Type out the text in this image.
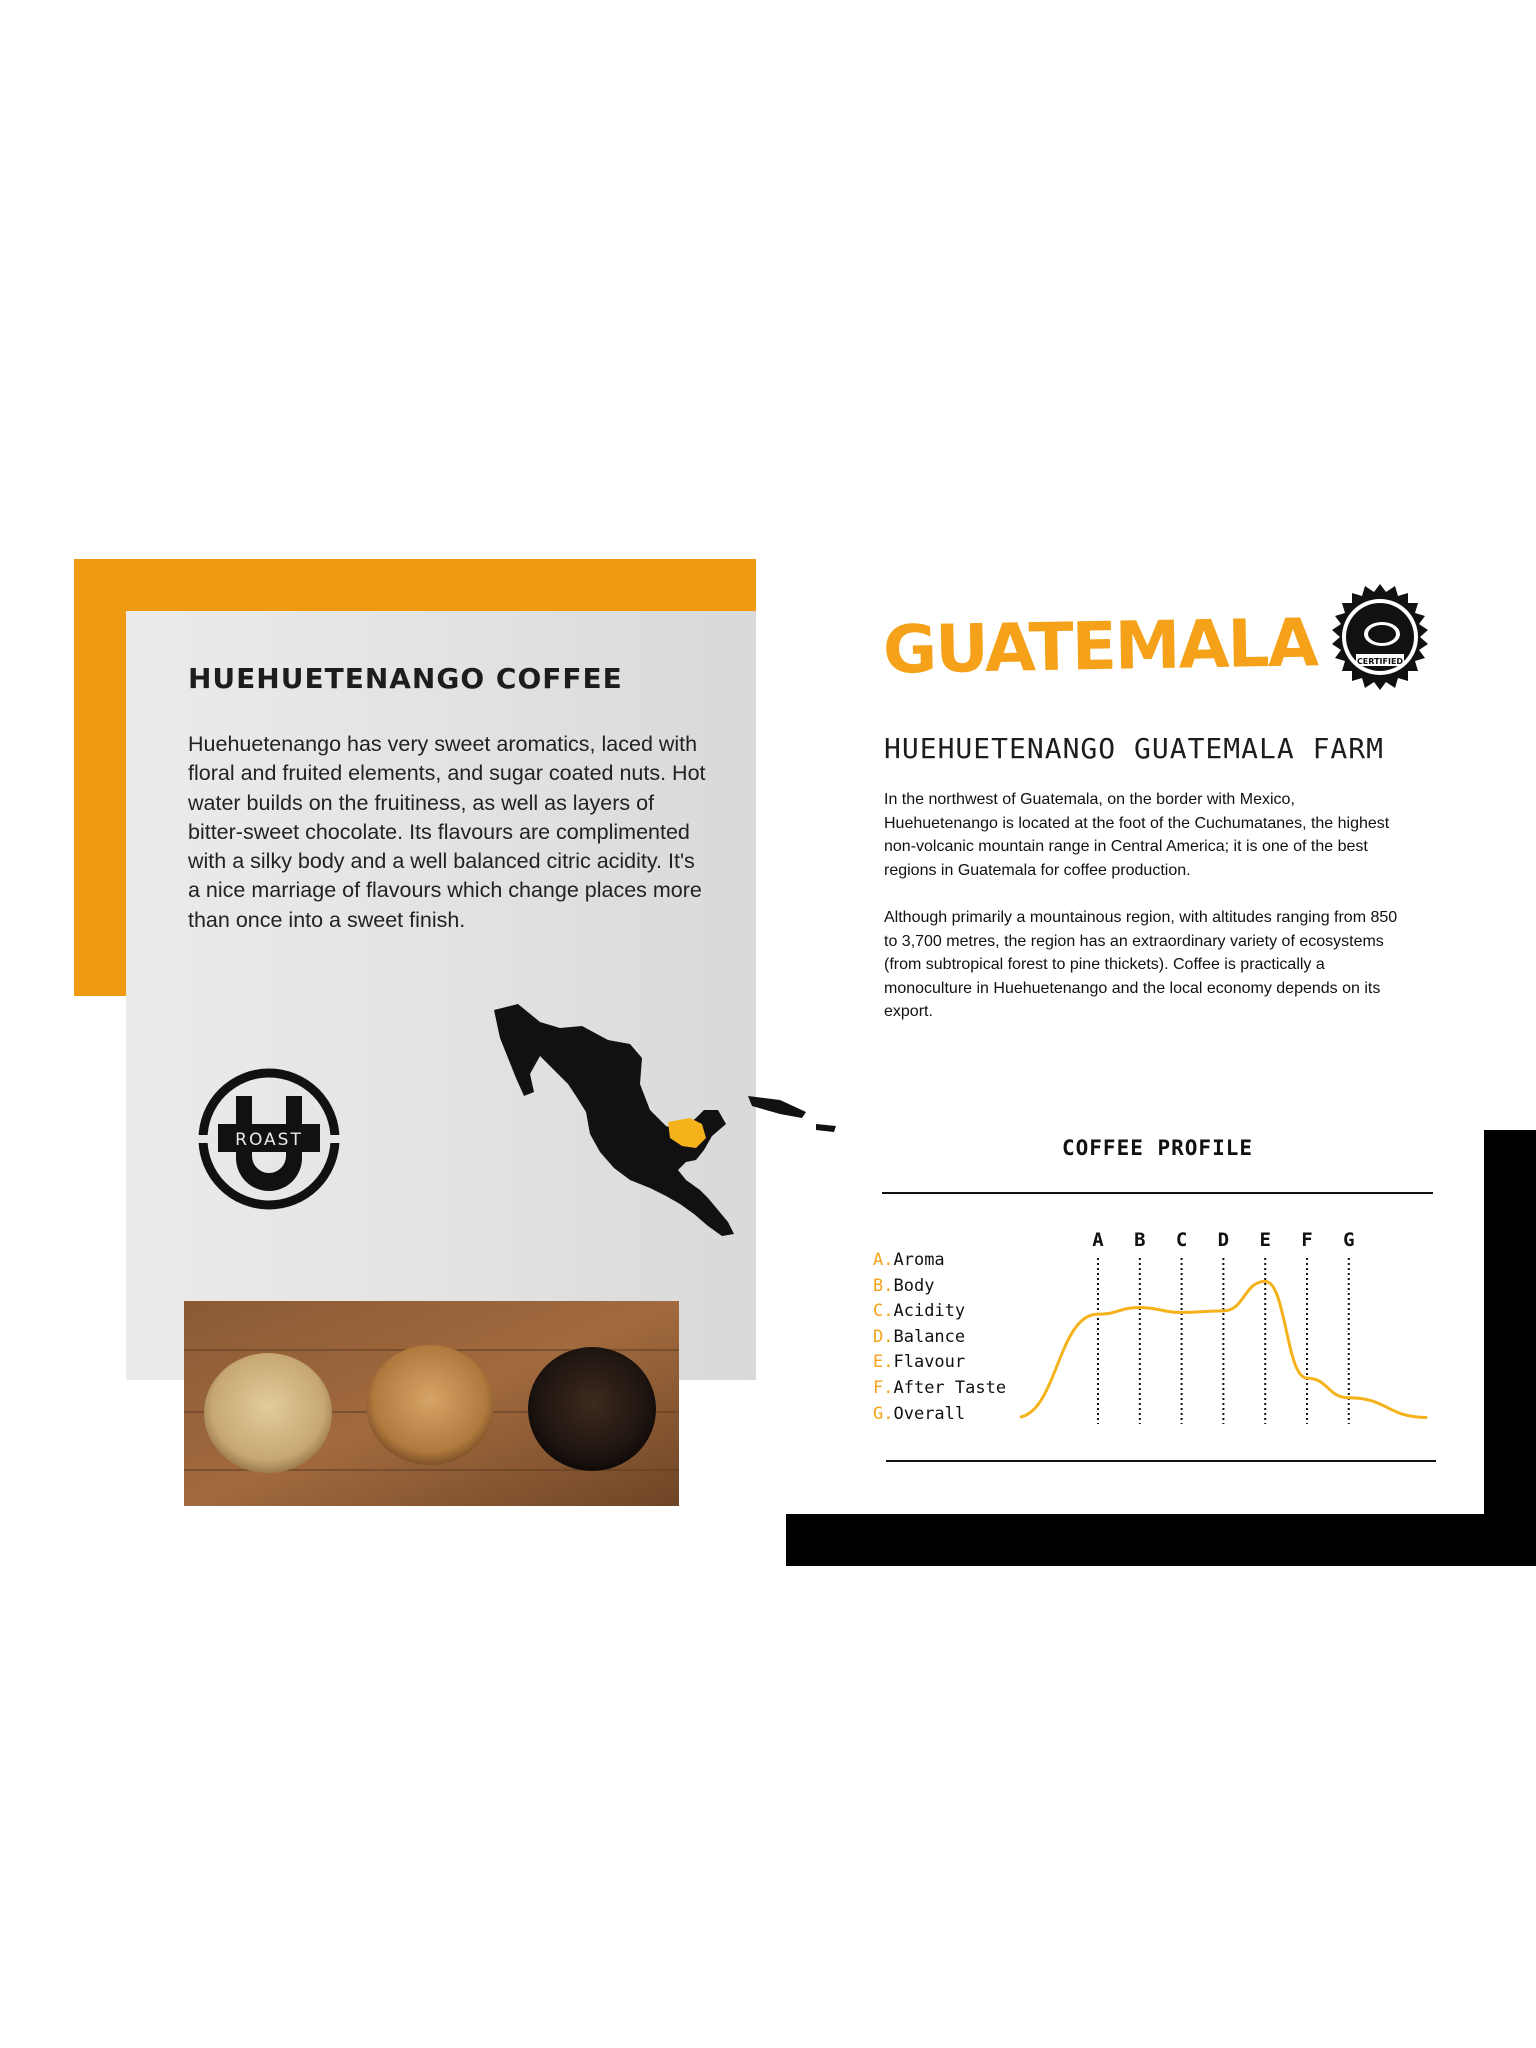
HUEHUETENANGO COFFEE
Huehuetenango has very sweet aromatics, laced with floral and fruited elements, and sugar coated nuts. Hot water builds on the fruitiness, as well as layers of bitter-sweet chocolate. Its flavours are complimented with a silky body and a well balanced citric acidity. It's a nice marriage of flavours which change places more than once into a sweet finish.
ROAST
GUATEMALA	CERTIFIED
HUEHUETENANGO GUATEMALA FARM
In the northwest of Guatemala, on the border with Mexico, Huehuetenango is located at the foot of the Cuchumatanes, the highest non-volcanic mountain range in Central America; it is one of the best regions in Guatemala for coffee production.
Although primarily a mountainous region, with altitudes ranging from 850 to 3,700 metres, the region has an extraordinary variety of ecosystems (from subtropical forest to pine thickets). Coffee is practically a monoculture in Huehuetenango and the local economy depends on its export.
COFFEE PROFILE
A.Aroma
B.Body
C.Acidity
D.Balance
E.Flavour
F.After Taste
G.Overall
A B C D E F G
